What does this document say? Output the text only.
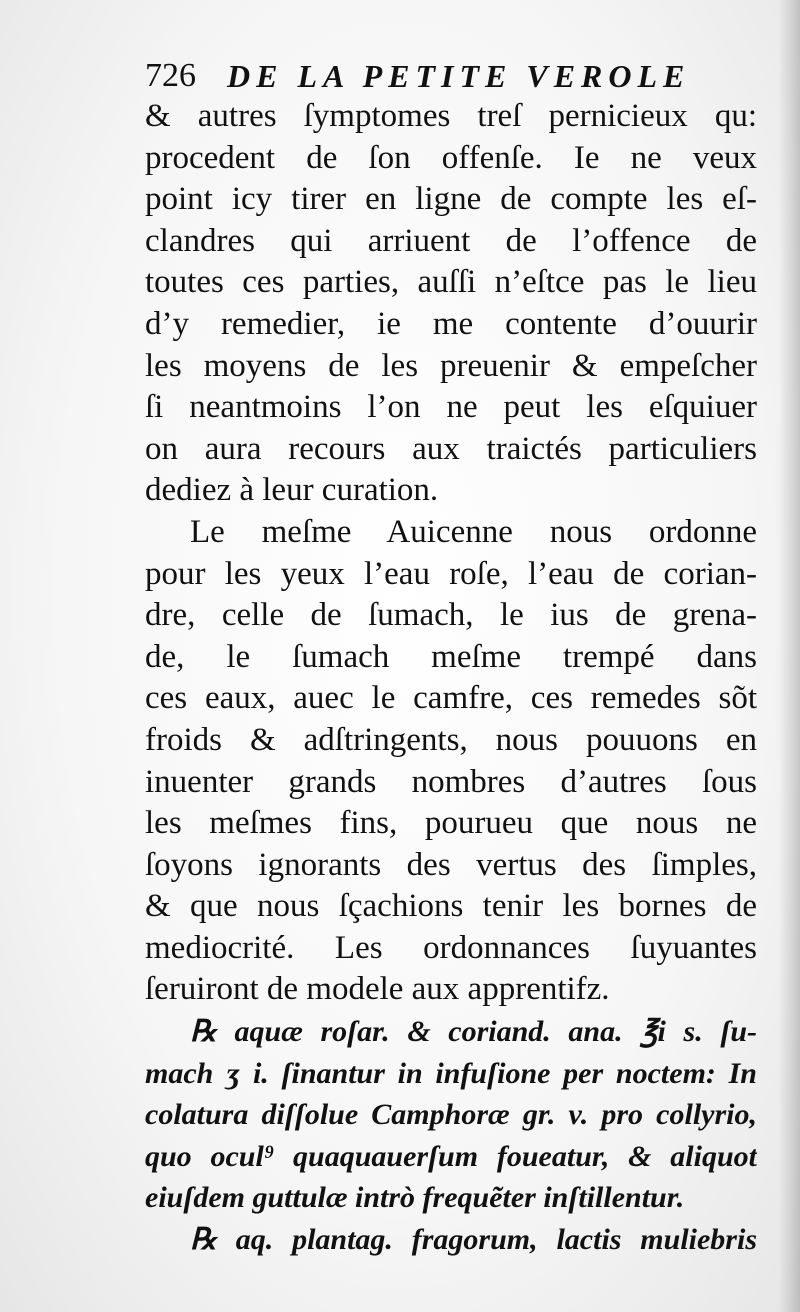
726 DE LA PETITE VEROLE
& autres ſymptomes treſ pernicieux qu:
procedent de ſon offenſe. Ie ne veux
point icy tirer en ligne de compte les eſ-
clandres qui arriuent de l’offence de
toutes ces parties, auſſi n’eſtce pas le lieu
d’y remedier, ie me contente d’ouurir
les moyens de les preuenir & empeſcher
ſi neantmoins l’on ne peut les eſquiuer
on aura recours aux traictés particuliers
dediez à leur curation.
Le meſme Auicenne nous ordonne
pour les yeux l’eau roſe, l’eau de corian-
dre, celle de ſumach, le ius de grena-
de, le ſumach meſme trempé dans
ces eaux, auec le camfre, ces remedes sõt
froids & adſtringents, nous pouuons en
inuenter grands nombres d’autres ſous
les meſmes fins, pourueu que nous ne
ſoyons ignorants des vertus des ſimples,
& que nous ſçachions tenir les bornes de
mediocrité. Les ordonnances ſuyuantes
ſeruiront de modele aux apprentifz.
℞ aquæ roſar. & coriand. ana. ℥i s. ſu-
mach ʒ i. ſinantur in infuſione per noctem: In
colatura diſſolue Camphoræ gr. v. pro collyrio,
quo ocul⁹ quaquauerſum foueatur, & aliquot
eiuſdem guttulæ intrò frequẽter inſtillentur.
℞ aq. plantag. fragorum, lactis muliebris
